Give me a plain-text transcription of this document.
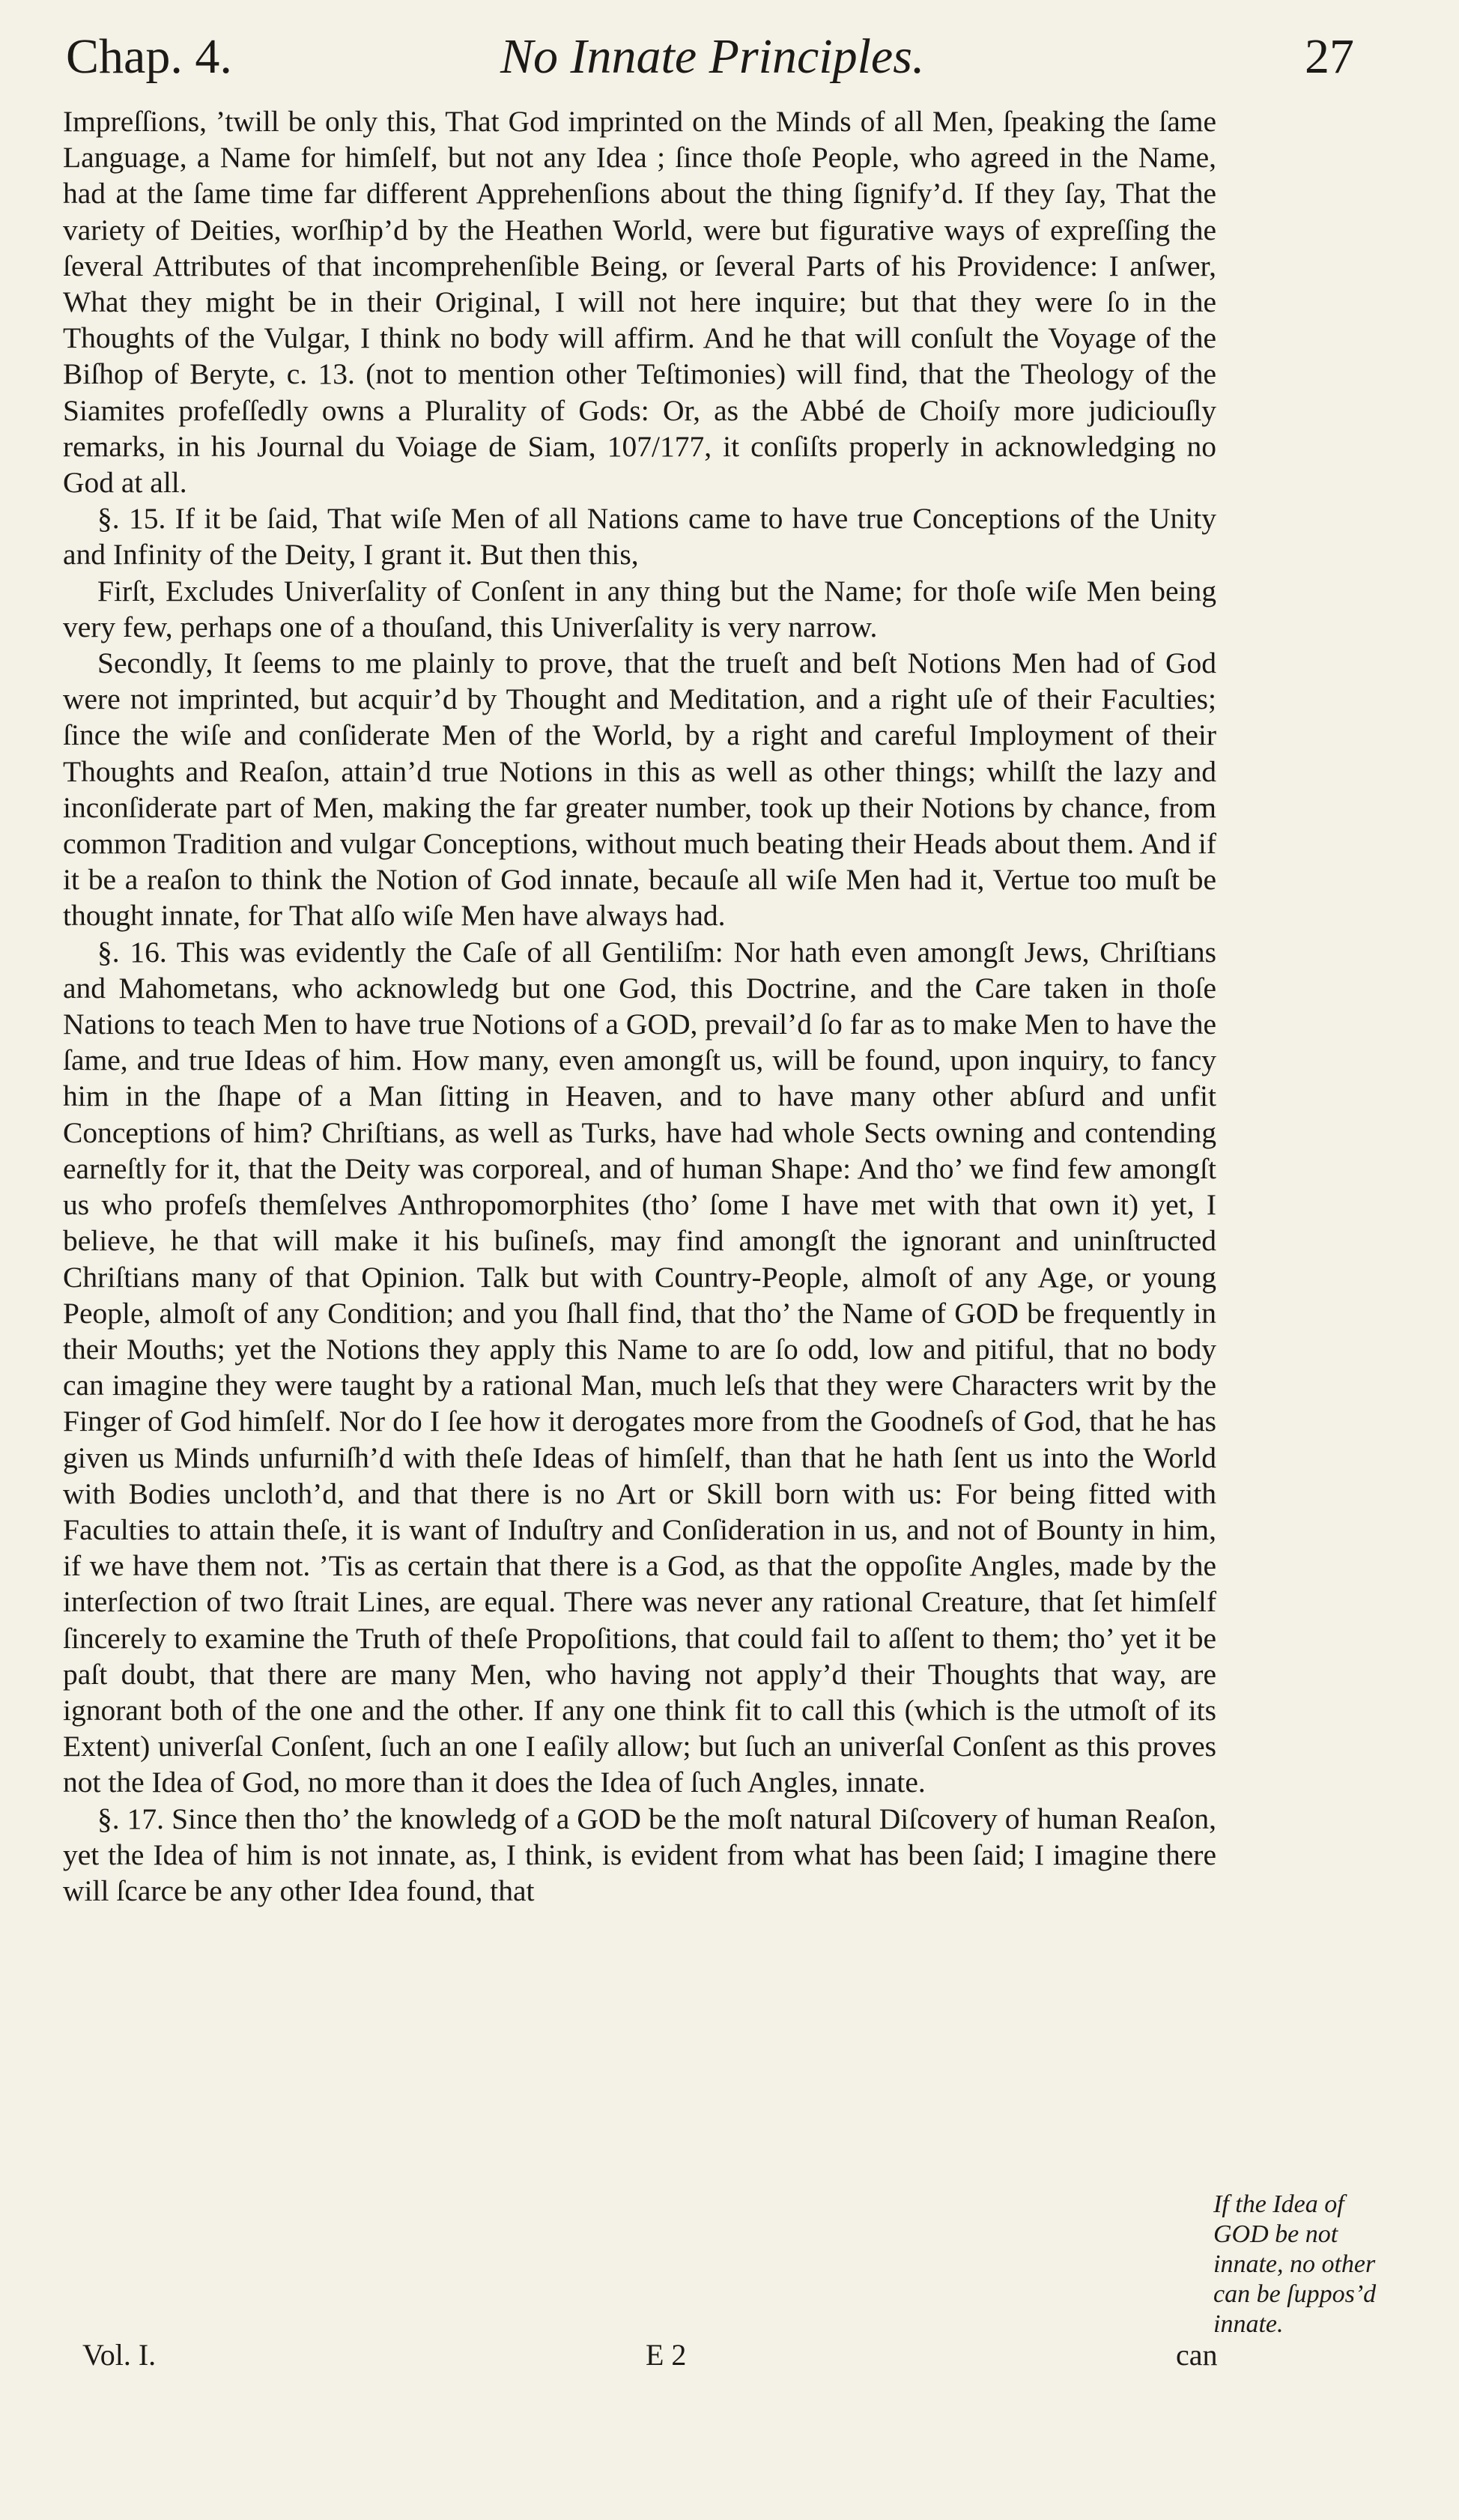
Chap. 4.	No Innate Principles.	27

Impreſſions, ’twill be only this, That God imprinted on the Minds of all Men, ſpeaking the ſame Language, a Name for himſelf, but not any Idea ; ſince thoſe People, who agreed in the Name, had at the ſame time far different Apprehenſions about the thing ſignify’d. If they ſay, That the variety of Deities, worſhip’d by the Heathen World, were but figurative ways of expreſſing the ſeveral Attributes of that incomprehenſible Being, or ſeveral Parts of his Providence: I anſwer, What they might be in their Original, I will not here inquire; but that they were ſo in the Thoughts of the Vulgar, I think no body will affirm. And he that will conſult the Voyage of the Biſhop of Beryte, c. 13. (not to mention other Teſtimonies) will find, that the Theology of the Siamites profeſſedly owns a Plurality of Gods: Or, as the Abbé de Choiſy more judiciouſly remarks, in his Journal du Voiage de Siam, 107/177, it conſiſts properly in acknowledging no God at all.

§. 15. If it be ſaid, That wiſe Men of all Nations came to have true Conceptions of the Unity and Infinity of the Deity, I grant it. But then this,

Firſt, Excludes Univerſality of Conſent in any thing but the Name; for thoſe wiſe Men being very few, perhaps one of a thouſand, this Univerſality is very narrow.

Secondly, It ſeems to me plainly to prove, that the trueſt and beſt Notions Men had of God were not imprinted, but acquir’d by Thought and Meditation, and a right uſe of their Faculties; ſince the wiſe and conſiderate Men of the World, by a right and careful Imployment of their Thoughts and Reaſon, attain’d true Notions in this as well as other things; whilſt the lazy and inconſiderate part of Men, making the far greater number, took up their Notions by chance, from common Tradition and vulgar Conceptions, without much beating their Heads about them. And if it be a reaſon to think the Notion of God innate, becauſe all wiſe Men had it, Vertue too muſt be thought innate, for That alſo wiſe Men have always had.

§. 16. This was evidently the Caſe of all Gentiliſm: Nor hath even amongſt Jews, Chriſtians and Mahometans, who acknowledg but one God, this Doctrine, and the Care taken in thoſe Nations to teach Men to have true Notions of a GOD, prevail’d ſo far as to make Men to have the ſame, and true Ideas of him. How many, even amongſt us, will be found, upon inquiry, to fancy him in the ſhape of a Man ſitting in Heaven, and to have many other abſurd and unfit Conceptions of him? Chriſtians, as well as Turks, have had whole Sects owning and contending earneſtly for it, that the Deity was corporeal, and of human Shape: And tho’ we find few amongſt us who profeſs themſelves Anthropomorphites (tho’ ſome I have met with that own it) yet, I believe, he that will make it his buſineſs, may find amongſt the ignorant and uninſtructed Chriſtians many of that Opinion. Talk but with Country-People, almoſt of any Age, or young People, almoſt of any Condition; and you ſhall find, that tho’ the Name of GOD be frequently in their Mouths; yet the Notions they apply this Name to are ſo odd, low and pitiful, that no body can imagine they were taught by a rational Man, much leſs that they were Characters writ by the Finger of God himſelf. Nor do I ſee how it derogates more from the Goodneſs of God, that he has given us Minds unfurniſh’d with theſe Ideas of himſelf, than that he hath ſent us into the World with Bodies uncloth’d, and that there is no Art or Skill born with us: For being fitted with Faculties to attain theſe, it is want of Induſtry and Conſideration in us, and not of Bounty in him, if we have them not. ’Tis as certain that there is a God, as that the oppoſite Angles, made by the interſection of two ſtrait Lines, are equal. There was never any rational Creature, that ſet himſelf ſincerely to examine the Truth of theſe Propoſitions, that could fail to aſſent to them; tho’ yet it be paſt doubt, that there are many Men, who having not apply’d their Thoughts that way, are ignorant both of the one and the other. If any one think fit to call this (which is the utmoſt of its Extent) univerſal Conſent, ſuch an one I eaſily allow; but ſuch an univerſal Conſent as this proves not the Idea of God, no more than it does the Idea of ſuch Angles, innate.

§. 17. Since then tho’ the knowledg of a GOD be the moſt natural Diſcovery of human Reaſon, yet the Idea of him is not innate, as, I think, is evident from what has been ſaid; I imagine there will ſcarce be any other Idea found, that

If the Idea of GOD be not innate, no other can be ſuppos’d innate.
Vol. I.	E 2	can
